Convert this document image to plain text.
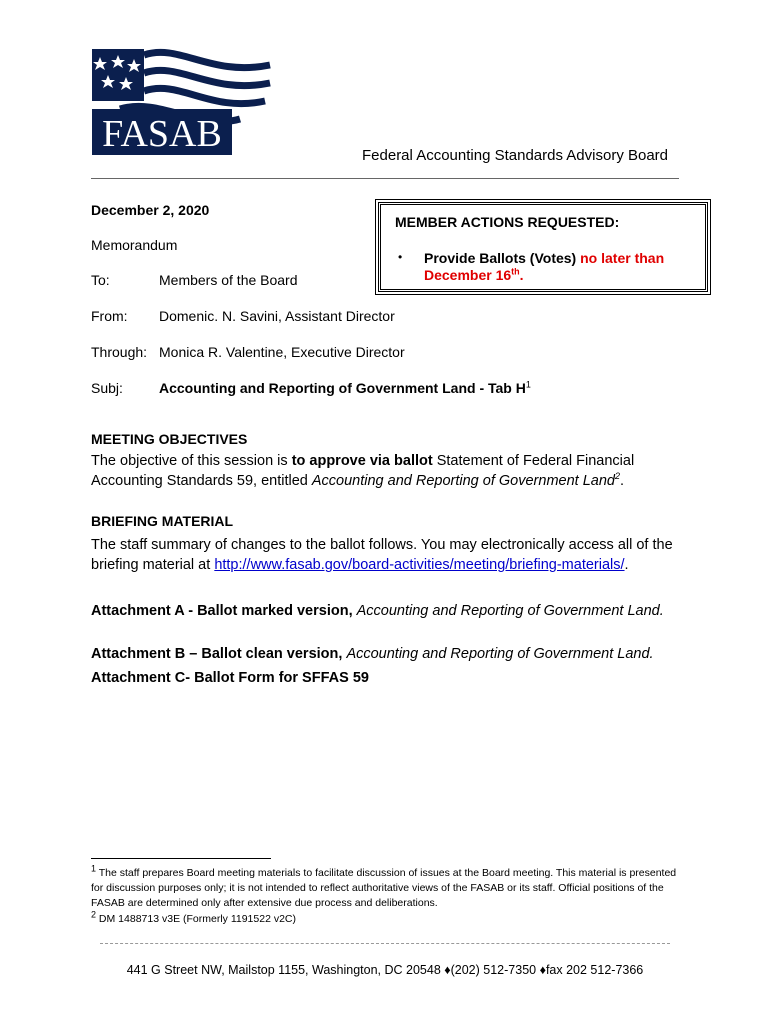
FASAB
Federal Accounting Standards Advisory Board
December 2, 2020
Memorandum
To:	Members of the Board
From: Domenic. N. Savini, Assistant Director
Through: Monica R. Valentine, Executive Director
Subj:	Accounting and Reporting of Government Land - Tab $H^1$
MEMBER ACTIONS REQUESTED:
• Provide Ballots (Votes) no later than
December 16th.
MEETING OBJECTIVES
The objective of this session is to approve via ballot Statement of Federal Financial Accounting Standards 59, entitled Accounting and Reporting of Government Land$^2$.
BRIEFING MATERIAL
The staff summary of changes to the ballot follows. You may electronically access all of the briefing material at http://www.fasab.gov/board-activities/meeting/briefing-materials/.
Attachment A - Ballot marked version, Accounting and Reporting of Government Land.
Attachment B – Ballot clean version, Accounting and Reporting of Government Land.
Attachment C- Ballot Form for SFFAS 59
$^1$ The staff prepares Board meeting materials to facilitate discussion of issues at the Board meeting. This material is presented for discussion purposes only; it is not intended to reflect authoritative views of the FASAB or its staff. Official positions of the FASAB are determined only after extensive due process and deliberations.
$^2$ DM 1488713 v3E (Formerly 1191522 v2C)
441 G Street NW, Mailstop 1155, Washington, DC 20548 ♦(202) 512-7350 ♦fax 202 512-7366
